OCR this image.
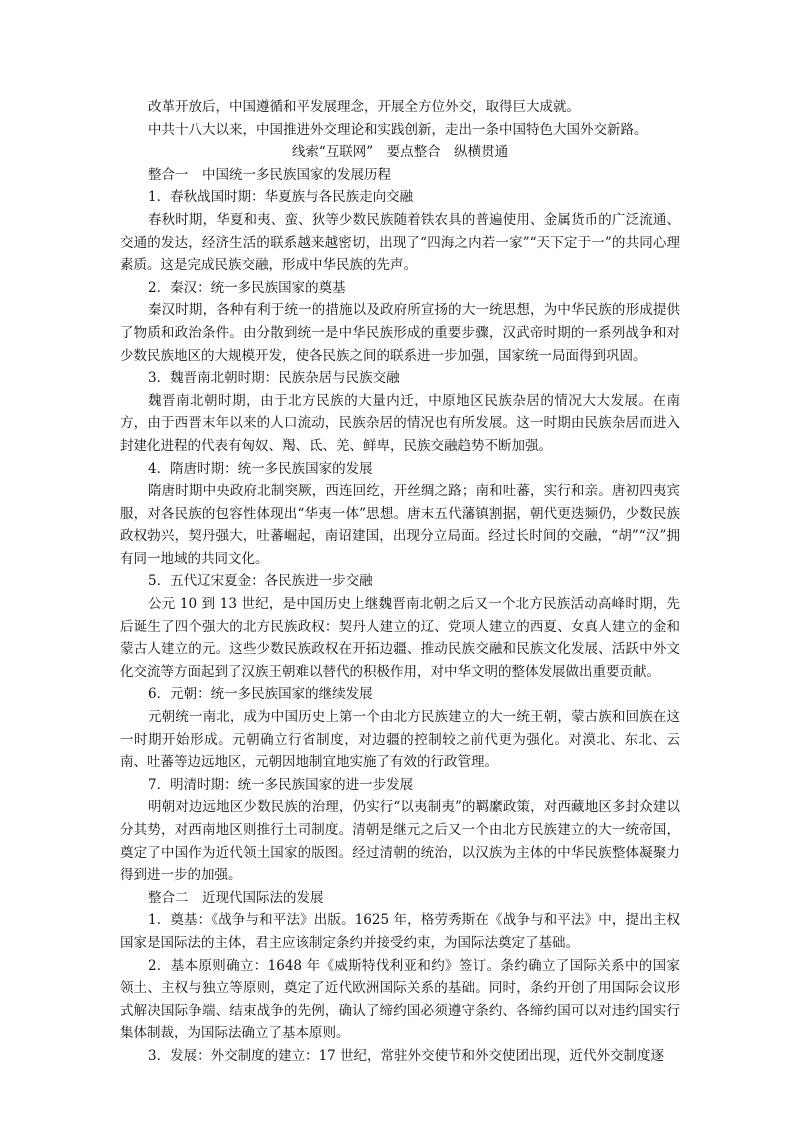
改革开放后，中国遵循和平发展理念，开展全方位外交，取得巨大成就。

中共十八大以来，中国推进外交理论和实践创新，走出一条中国特色大国外交新路。

线索“互联网”　要点整合　纵横贯通

整合一　中国统一多民族国家的发展历程

1．春秋战国时期：华夏族与各民族走向交融

春秋时期，华夏和夷、蛮、狄等少数民族随着铁农具的普遍使用、金属货币的广泛流通、交通的发达，经济生活的联系越来越密切，出现了“四海之内若一家”“天下定于一”的共同心理素质。这是完成民族交融，形成中华民族的先声。

2．秦汉：统一多民族国家的奠基

秦汉时期，各种有利于统一的措施以及政府所宣扬的大一统思想，为中华民族的形成提供了物质和政治条件。由分散到统一是中华民族形成的重要步骤，汉武帝时期的一系列战争和对少数民族地区的大规模开发，使各民族之间的联系进一步加强，国家统一局面得到巩固。

3．魏晋南北朝时期：民族杂居与民族交融

魏晋南北朝时期，由于北方民族的大量内迁，中原地区民族杂居的情况大大发展。在南方，由于西晋末年以来的人口流动，民族杂居的情况也有所发展。这一时期由民族杂居而进入封建化进程的代表有匈奴、羯、氐、羌、鲜卑，民族交融趋势不断加强。

4．隋唐时期：统一多民族国家的发展

隋唐时期中央政府北制突厥，西连回纥，开丝绸之路；南和吐蕃，实行和亲。唐初四夷宾服，对各民族的包容性体现出“华夷一体”思想。唐末五代藩镇割据，朝代更迭频仍，少数民族政权勃兴，契丹强大，吐蕃崛起，南诏建国，出现分立局面。经过长时间的交融，“胡”“汉”拥有同一地域的共同文化。

5．五代辽宋夏金：各民族进一步交融

公元 10 到 13 世纪，是中国历史上继魏晋南北朝之后又一个北方民族活动高峰时期，先后诞生了四个强大的北方民族政权：契丹人建立的辽、党项人建立的西夏、女真人建立的金和蒙古人建立的元。这些少数民族政权在开拓边疆、推动民族交融和民族文化发展、活跃中外文化交流等方面起到了汉族王朝难以替代的积极作用，对中华文明的整体发展做出重要贡献。

6．元朝：统一多民族国家的继续发展

元朝统一南北，成为中国历史上第一个由北方民族建立的大一统王朝，蒙古族和回族在这一时期开始形成。元朝确立行省制度，对边疆的控制较之前代更为强化。对漠北、东北、云南、吐蕃等边远地区，元朝因地制宜地实施了有效的行政管理。

7．明清时期：统一多民族国家的进一步发展

明朝对边远地区少数民族的治理，仍实行“以夷制夷”的羁縻政策，对西藏地区多封众建以分其势，对西南地区则推行土司制度。清朝是继元之后又一个由北方民族建立的大一统帝国，奠定了中国作为近代领土国家的版图。经过清朝的统治，以汉族为主体的中华民族整体凝聚力得到进一步的加强。

整合二　近现代国际法的发展

1．奠基：《战争与和平法》出版。1625 年，格劳秀斯在《战争与和平法》中，提出主权国家是国际法的主体，君主应该制定条约并接受约束，为国际法奠定了基础。

2．基本原则确立：1648 年《威斯特伐利亚和约》签订。条约确立了国际关系中的国家领土、主权与独立等原则，奠定了近代欧洲国际关系的基础。同时，条约开创了用国际会议形式解决国际争端、结束战争的先例，确认了缔约国必须遵守条约、各缔约国可以对违约国实行集体制裁，为国际法确立了基本原则。

3．发展：外交制度的建立：17 世纪，常驻外交使节和外交使团出现，近代外交制度逐
